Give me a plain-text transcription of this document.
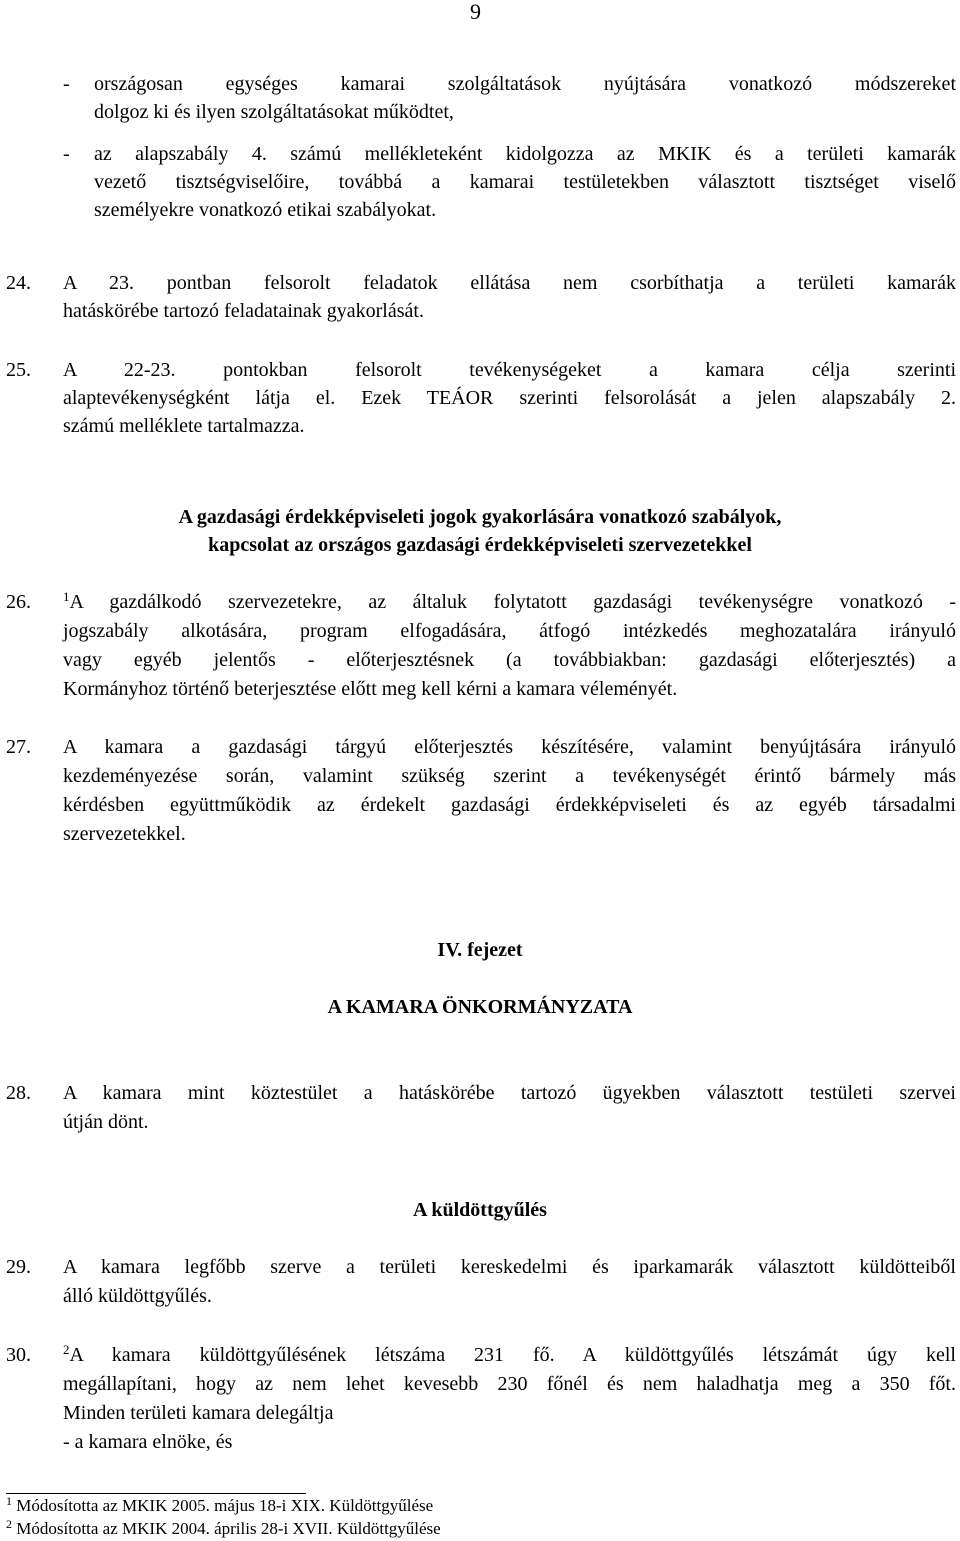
9
- országosan egységes kamarai szolgáltatások nyújtására vonatkozó módszereket
dolgoz ki és ilyen szolgáltatásokat működtet,
- az alapszabály 4. számú mellékleteként kidolgozza az MKIK és a területi kamarák
vezető tisztségviselőire, továbbá a kamarai testületekben választott tisztséget viselő
személyekre vonatkozó etikai szabályokat.
24. A 23. pontban felsorolt feladatok ellátása nem csorbíthatja a területi kamarák
hatáskörébe tartozó feladatainak gyakorlását.
25. A 22-23. pontokban felsorolt tevékenységeket a kamara célja szerinti
alaptevékenységként látja el. Ezek TEÁOR szerinti felsorolását a jelen alapszabály 2.
számú melléklete tartalmazza.
A gazdasági érdekképviseleti jogok gyakorlására vonatkozó szabályok,
kapcsolat az országos gazdasági érdekképviseleti szervezetekkel
26. $^1$A gazdálkodó szervezetekre, az általuk folytatott gazdasági tevékenységre vonatkozó -
jogszabály alkotására, program elfogadására, átfogó intézkedés meghozatalára irányuló
vagy egyéb jelentős - előterjesztésnek (a továbbiakban: gazdasági előterjesztés) a
Kormányhoz történő beterjesztése előtt meg kell kérni a kamara véleményét.
27. A kamara a gazdasági tárgyú előterjesztés készítésére, valamint benyújtására irányuló
kezdeményezése során, valamint szükség szerint a tevékenységét érintő bármely más
kérdésben együttműködik az érdekelt gazdasági érdekképviseleti és az egyéb társadalmi
szervezetekkel.
IV. fejezet
A KAMARA ÖNKORMÁNYZATA
28. A kamara mint köztestület a hatáskörébe tartozó ügyekben választott testületi szervei
útján dönt.
A küldöttgyűlés
29. A kamara legfőbb szerve a területi kereskedelmi és iparkamarák választott küldötteiből
álló küldöttgyűlés.
30. $^2$A kamara küldöttgyűlésének létszáma 231 fő. A küldöttgyűlés létszámát úgy kell
megállapítani, hogy az nem lehet kevesebb 230 főnél és nem haladhatja meg a 350 főt.
Minden területi kamara delegáltja
- a kamara elnöke, és
$^1$ Módosította az MKIK 2005. május 18-i XIX. Küldöttgyűlése
$^2$ Módosította az MKIK 2004. április 28-i XVII. Küldöttgyűlése
